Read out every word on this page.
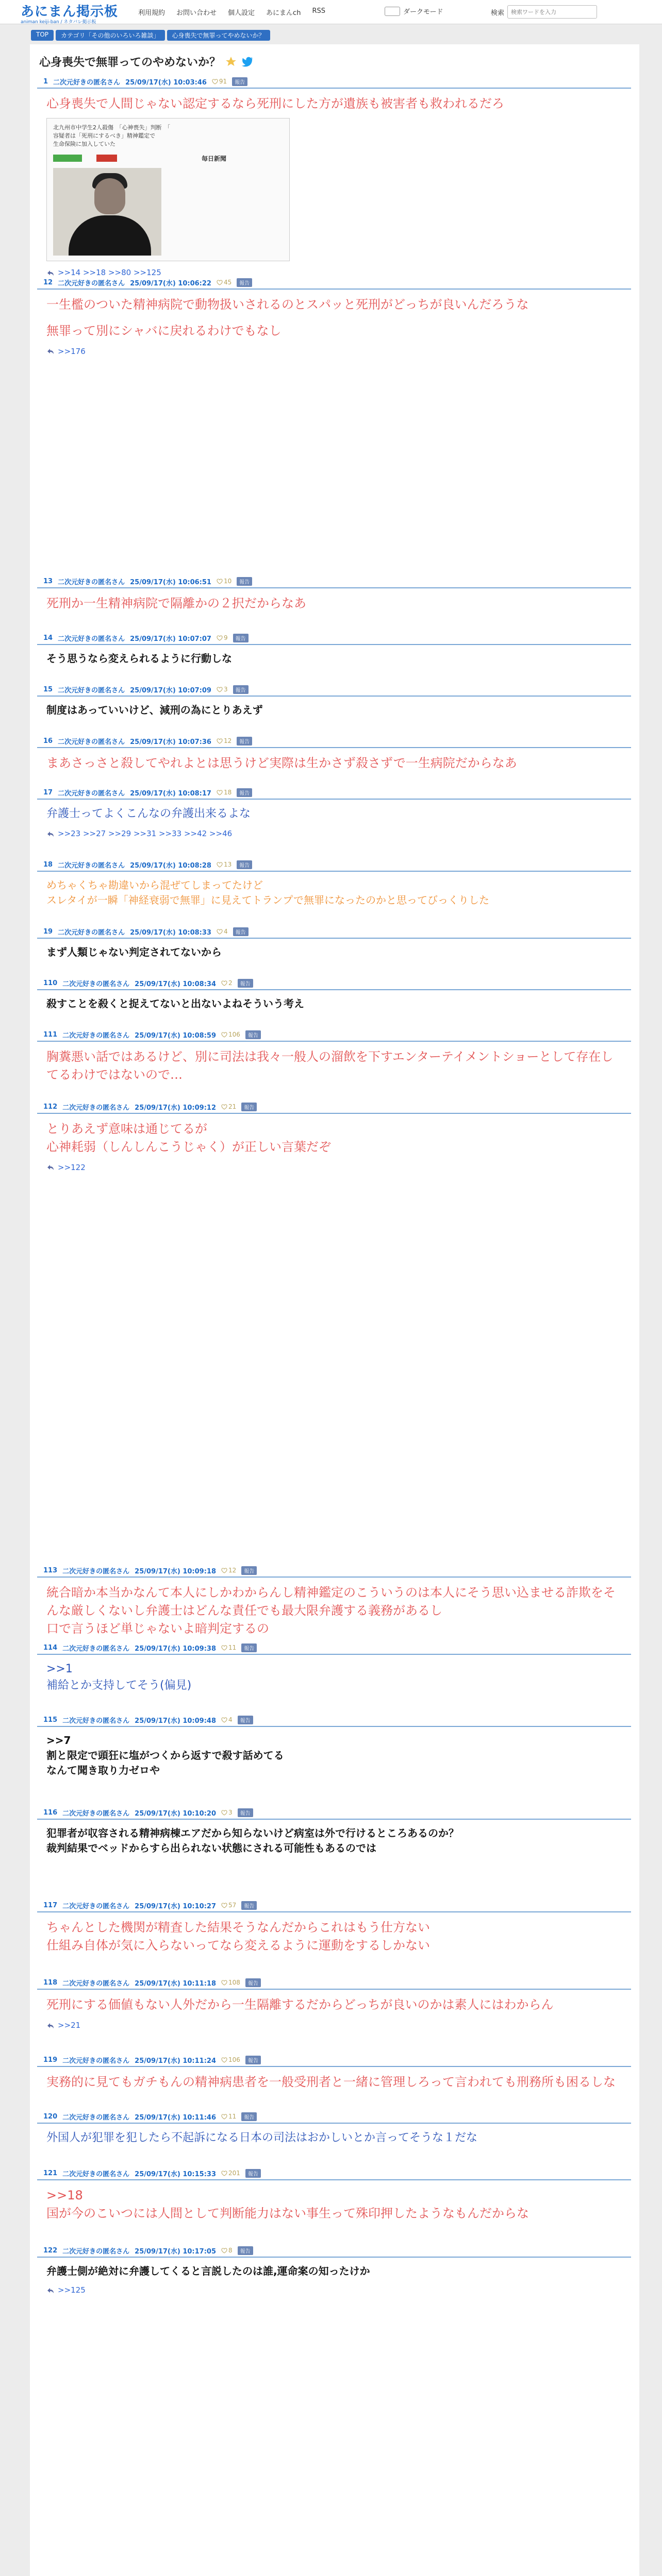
あにまん掲示板
animan keiji-ban / ネタバレ掲示板
利用規約 お問い合わせ 個人設定 あにまんch RSS	ダークモード	検索
検索ワードを入力
TOP	カテゴリ「その他のいろいろ雑談」	心身喪失で無罪ってやめないか？
心身喪失で無罪ってのやめないか？
1 二次元好きの匿名さん 25/09/17(水) 10:03:46 91	報告
心身喪失で人間じゃない認定するなら死刑にした方が遺族も被害者も救われるだろ
北九州市中学生2人殺傷　「心神喪失」判断　「
容疑者は「死刑にするべき」精神鑑定で
生命保険に加入していた
毎日新聞
>>14 >>18 >>80 >>125
12 二次元好きの匿名さん 25/09/17(水) 10:06:22 45	報告
一生檻のついた精神病院で動物扱いされるのとスパッと死刑がどっちが良いんだろうな
無罪って別にシャバに戻れるわけでもなし
>>176
13 二次元好きの匿名さん 25/09/17(水) 10:06:51 10	報告
死刑か一生精神病院で隔離かの２択だからなあ
14 二次元好きの匿名さん 25/09/17(水) 10:07:07 9	報告
そう思うなら変えられるように行動しな
15 二次元好きの匿名さん 25/09/17(水) 10:07:09 3	報告
制度はあっていいけど、減刑の為にとりあえず
16 二次元好きの匿名さん 25/09/17(水) 10:07:36 12	報告
まあさっさと殺してやれよとは思うけど実際は生かさず殺さずで一生病院だからなあ
17 二次元好きの匿名さん 25/09/17(水) 10:08:17 18	報告
弁護士ってよくこんなの弁護出来るよな
>>23 >>27 >>29 >>31 >>33 >>42 >>46
18 二次元好きの匿名さん 25/09/17(水) 10:08:28 13	報告
めちゃくちゃ勘違いから混ぜてしまってたけど
スレタイが一瞬「神経衰弱で無罪」に見えてトランプで無罪になったのかと思ってびっくりした
19 二次元好きの匿名さん 25/09/17(水) 10:08:33 4	報告
まず人類じゃない判定されてないから
110 二次元好きの匿名さん 25/09/17(水) 10:08:34 2	報告
殺すことを殺くと捉えてないと出ないよねそういう考え
111 二次元好きの匿名さん 25/09/17(水) 10:08:59 106	報告
胸糞悪い話ではあるけど、別に司法は我々一般人の溜飲を下すエンターテイメントショーとして存在してるわけではないので…
112 二次元好きの匿名さん 25/09/17(水) 10:09:12 21	報告
とりあえず意味は通じてるが
心神耗弱（しんしんこうじゃく）が正しい言葉だぞ
>>122
113 二次元好きの匿名さん 25/09/17(水) 10:09:18 12	報告
統合暗か本当かなんて本人にしかわからんし精神鑑定のこういうのは本人にそう思い込ませる詐欺をそんな厳しくないし弁護士はどんな責任でも最大限弁護する義務があるし
口で言うほど単じゃないよ暗判定するの
114 二次元好きの匿名さん 25/09/17(水) 10:09:38 11	報告
>>1
補給とか支持してそう(偏見)
115 二次元好きの匿名さん 25/09/17(水) 10:09:48 4	報告
>>7
割と限定で頭狂に塩がつくから返すで殺す話めてる
なんて聞き取り力ゼロや
116 二次元好きの匿名さん 25/09/17(水) 10:10:20 3	報告
犯罪者が収容される精神病棟エアだから知らないけど病室は外で行けるところあるのか？
裁判結果でベッドからすら出られない状態にされる可能性もあるのでは
117 二次元好きの匿名さん 25/09/17(水) 10:10:27 57	報告
ちゃんとした機関が精査した結果そうなんだからこれはもう仕方ない
仕組み自体が気に入らないってなら変えるように運動をするしかない
118 二次元好きの匿名さん 25/09/17(水) 10:11:18 108	報告
死刑にする価値もない人外だから一生隔離するだからどっちが良いのかは素人にはわからん
>>21
119 二次元好きの匿名さん 25/09/17(水) 10:11:24 106	報告
実務的に見てもガチもんの精神病患者を一般受刑者と一緒に管理しろって言われても刑務所も困るしな
120 二次元好きの匿名さん 25/09/17(水) 10:11:46 11	報告
外国人が犯罪を犯したら不起訴になる日本の司法はおかしいとか言ってそうな１だな
121 二次元好きの匿名さん 25/09/17(水) 10:15:33 201	報告
>>18
国が今のこいつには人間として判断能力はない事生って殊印押したようなもんだからな
122 二次元好きの匿名さん 25/09/17(水) 10:17:05 8	報告
弁護士側が絶対に弁護してくると言説したのは誰,運命案の知ったけか
>>125
